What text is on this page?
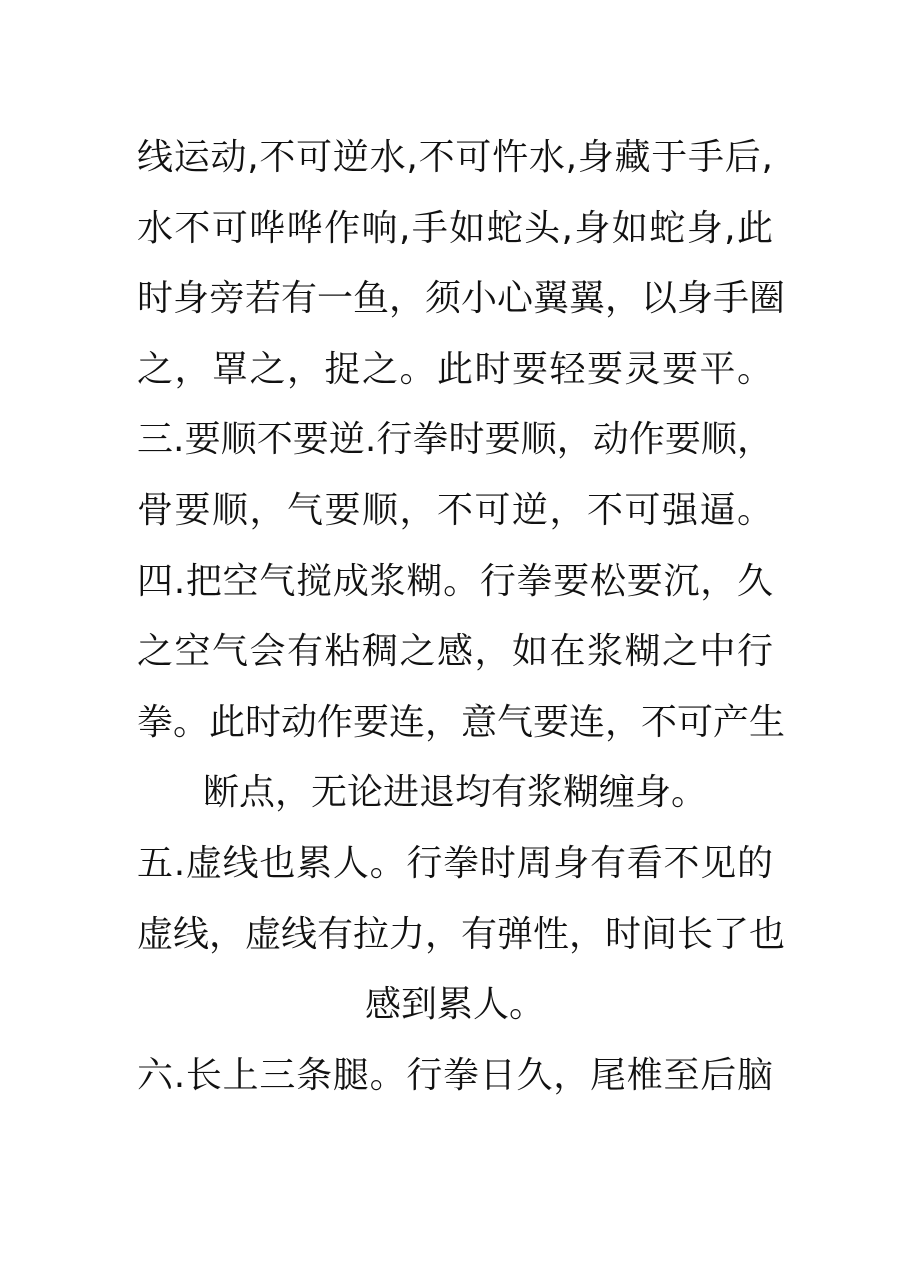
线运动,不可逆水,不可忤水,身藏于手后,
水不可哗哗作响,手如蛇头,身如蛇身,此
时身旁若有一鱼，须小心翼翼，以身手圈
之，罩之，捉之。此时要轻要灵要平。
三.要顺不要逆.行拳时要顺，动作要顺，
骨要顺，气要顺，不可逆，不可强逼。
四.把空气搅成浆糊。行拳要松要沉，久
之空气会有粘稠之感，如在浆糊之中行
拳。此时动作要连，意气要连，不可产生
断点，无论进退均有浆糊缠身。
五.虚线也累人。行拳时周身有看不见的
虚线，虚线有拉力，有弹性，时间长了也
感到累人。
六.长上三条腿。行拳日久，尾椎至后脑
